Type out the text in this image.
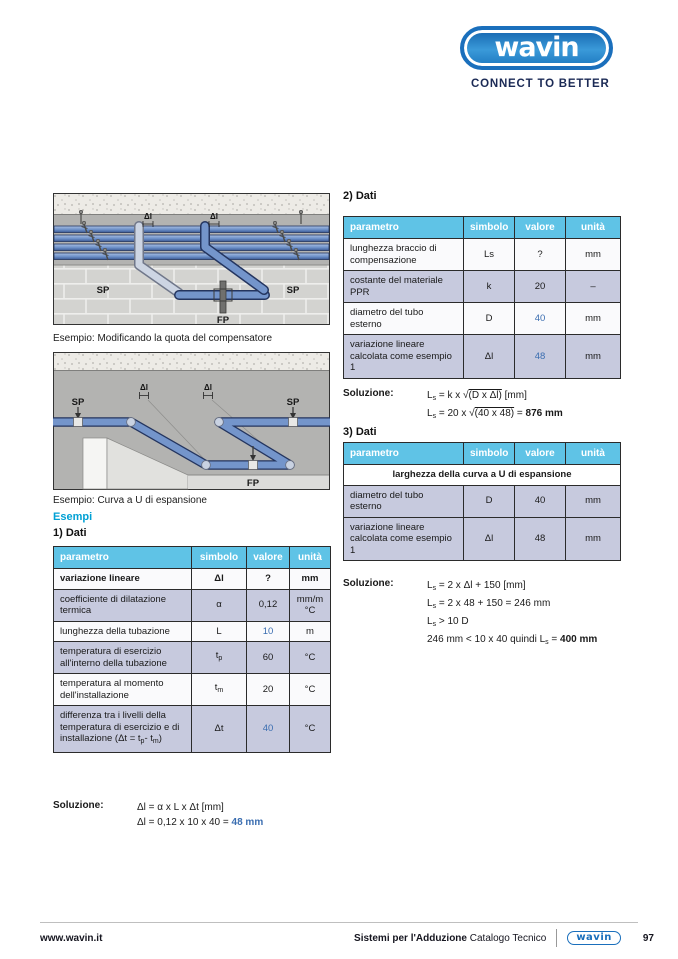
wavin
CONNECT TO BETTER
Δl	Δl
SP	SP
FP
Esempio: Modificando la quota del compensatore
Δl	Δl
SP	SP
FP
Esempio: Curva a U di espansione
Esempi
1) Dati
parametro	simbolo	valore	unità
variazione lineare	Δl	?	mm
coefficiente di dilatazione termica	α	0,12	mm/m °C
lunghezza della tubazione	L	10	m
temperatura di esercizio all'interno della tubazione	$t_p$	60	°C
temperatura al momento dell'installazione	$t_m$	20	°C
differenza tra i livelli della temperatura di esercizio e di installazione ($\Delta t = t_p-$ $t_m$)	Δt	40	°C
Soluzione:	Δl = α x L x Δt [mm]
Δl = 0,12 x 10 x 40 = 48 mm
2) Dati
parametro	simbolo	valore	unità
lunghezza braccio di compensazione	Ls	?	mm
costante del materiale PPR	k	20	–
diametro del tubo esterno	D	40	mm
variazione lineare calcolata come esempio 1	Δl	48	mm
Soluzione:	$L_s = k$ x √(D x Δl) [mm]
$L_s = 20$ x √(40 x 48) = 876 mm
3) Dati
parametro	simbolo	valore	unità
larghezza della curva a U di espansione			
diametro del tubo esterno	D	40	mm
variazione lineare calcolata come esempio 1	Δl	48	mm
Soluzione:	$L_s = 2$ x Δl + 150 [mm]
$L_s = 2$ x 48 + 150 = 246 mm
$L_s > 10$ D
246 mm < 10 x 40 quindi $L_s = 400$ mm
www.wavin.it	Sistemi per l'Adduzione Catalogo Tecnico	wavin	97
